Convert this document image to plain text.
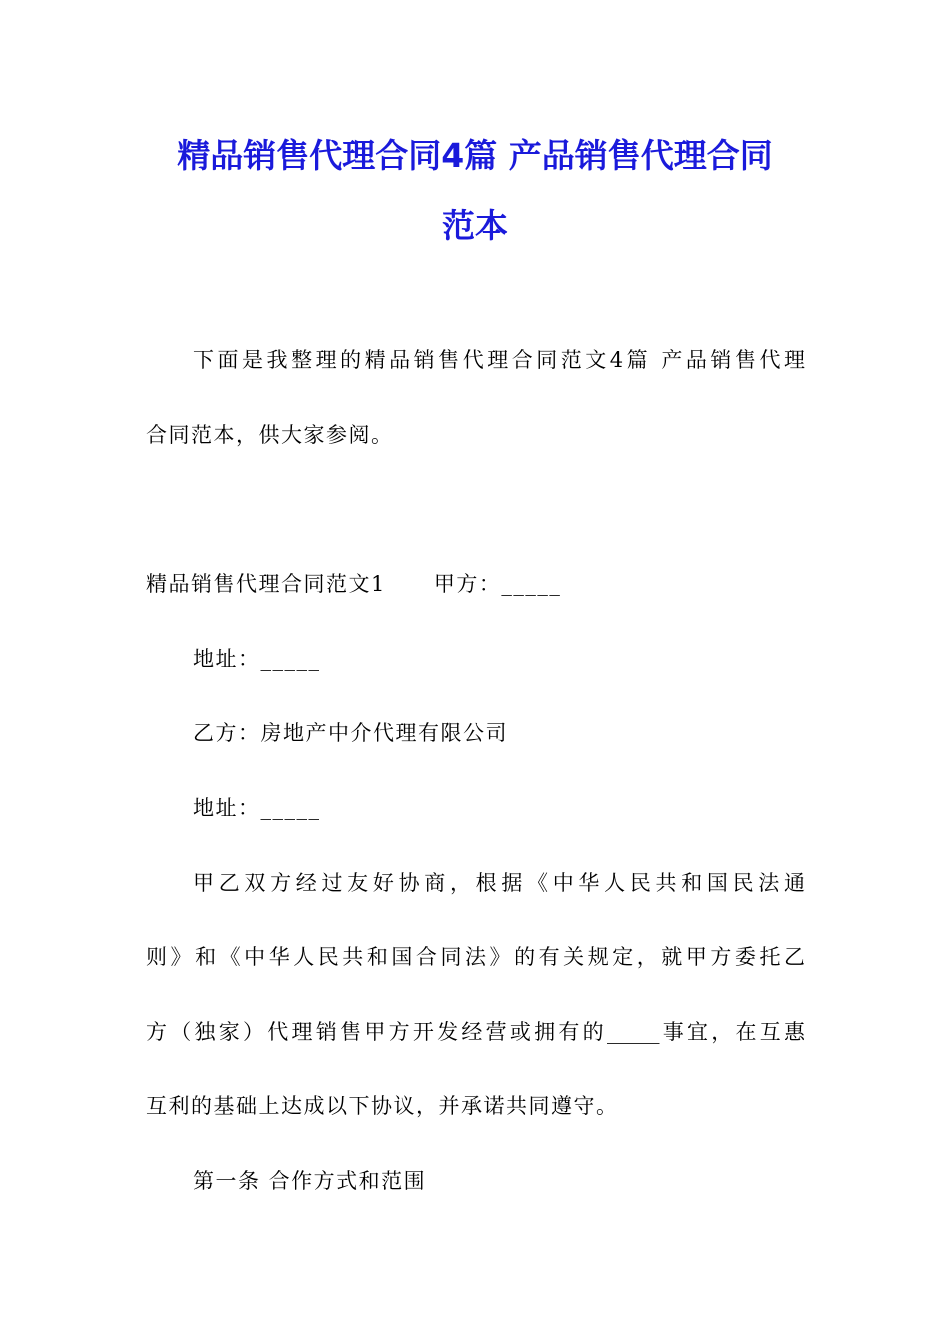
精品销售代理合同4篇 产品销售代理合同
范本
下面是我整理的精品销售代理合同范文4篇 产品销售代理
合同范本，供大家参阅。
精品销售代理合同范文1 甲方：_____
地址：_____
乙方：房地产中介代理有限公司
地址：_____
甲乙双方经过友好协商，根据《中华人民共和国民法通
则》和《中华人民共和国合同法》的有关规定，就甲方委托乙
方（独家）代理销售甲方开发经营或拥有的_____事宜，在互惠
互利的基础上达成以下协议，并承诺共同遵守。
第一条 合作方式和范围
